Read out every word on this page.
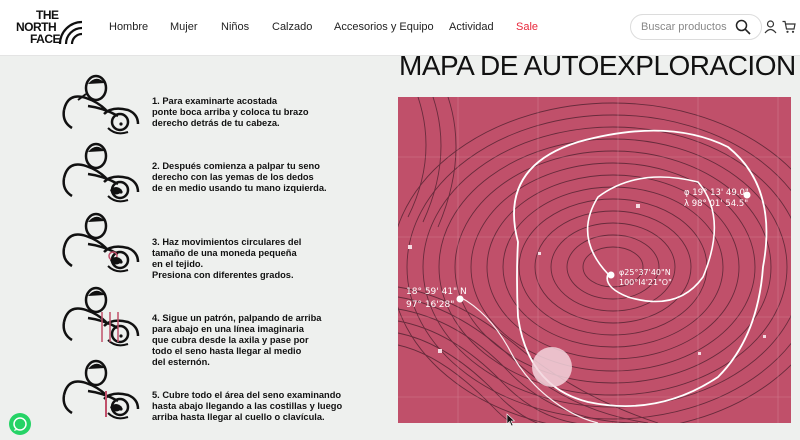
THE
NORTH
FACE
Hombre Mujer Niños Calzado Accesorios y Equipo Actividad Sale
Buscar productos
MAPA DE AUTOEXPLORACION
1. Para examinarte acostada
ponte boca arriba y coloca tu brazo
derecho detrás de tu cabeza.
2. Después comienza a palpar tu seno
derecho con las yemas de los dedos
de en medio usando tu mano izquierda.
3. Haz movimientos circulares del
tamaño de una moneda pequeña
en el tejido.
Presiona con diferentes grados.
4. Sigue un patrón, palpando de arriba
para abajo en una línea imaginaria
que cubra desde la axila y pase por
todo el seno hasta llegar al medio
del esternón.
5. Cubre todo el área del seno examinando
hasta abajo llegando a las costillas y luego
arriba hasta llegar al cuello o clavícula.
φ 19° 13' 49.0"
λ 98° 01' 54.5"
φ25°37'40"N
100°Ι4'21"O"
18° 59' 41" N
97° 16'28"
